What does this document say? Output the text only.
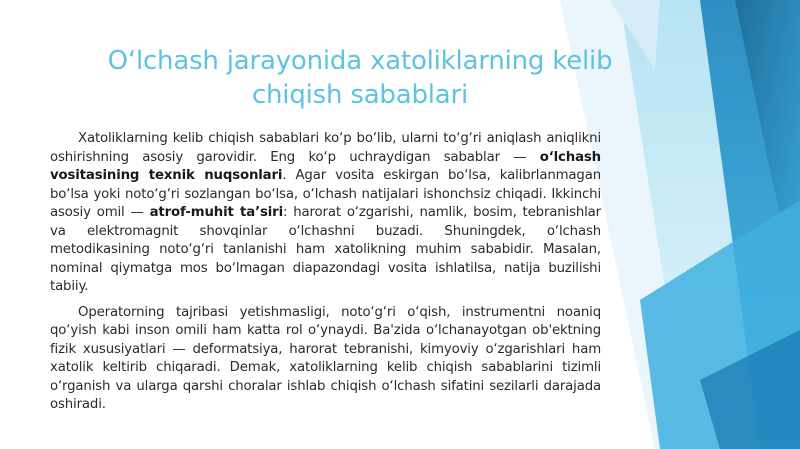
O‘lchash jarayonida xatoliklarning kelib
chiqish sabablari

Xatoliklarning kelib chiqish sabablari ko‘p bo‘lib, ularni to‘g‘ri aniqlash aniqlikni oshirishning asosiy garovidir. Eng ko‘p uchraydigan sabablar — o‘lchash vositasining texnik nuqsonlari. Agar vosita eskirgan bo‘lsa, kalibrlanmagan bo‘lsa yoki noto‘g‘ri sozlangan bo‘lsa, o‘lchash natijalari ishonchsiz chiqadi. Ikkinchi asosiy omil — atrof-muhit ta’siri: harorat o‘zgarishi, namlik, bosim, tebranishlar va elektromagnit shovqinlar o‘lchashni buzadi. Shuningdek, o‘lchash metodikasining noto‘g‘ri tanlanishi ham xatolikning muhim sababidir. Masalan, nominal qiymatga mos bo‘lmagan diapazondagi vosita ishlatilsa, natija buzilishi tabiiy.

Operatorning tajribasi yetishmasligi, noto‘g‘ri o‘qish, instrumentni noaniq qo‘yish kabi inson omili ham katta rol o‘ynaydi. Ba'zida o‘lchanayotgan ob'ektning fizik xususiyatlari — deformatsiya, harorat tebranishi, kimyoviy o‘zgarishlari ham xatolik keltirib chiqaradi. Demak, xatoliklarning kelib chiqish sabablarini tizimli o‘rganish va ularga qarshi choralar ishlab chiqish o‘lchash sifatini sezilarli darajada oshiradi.
